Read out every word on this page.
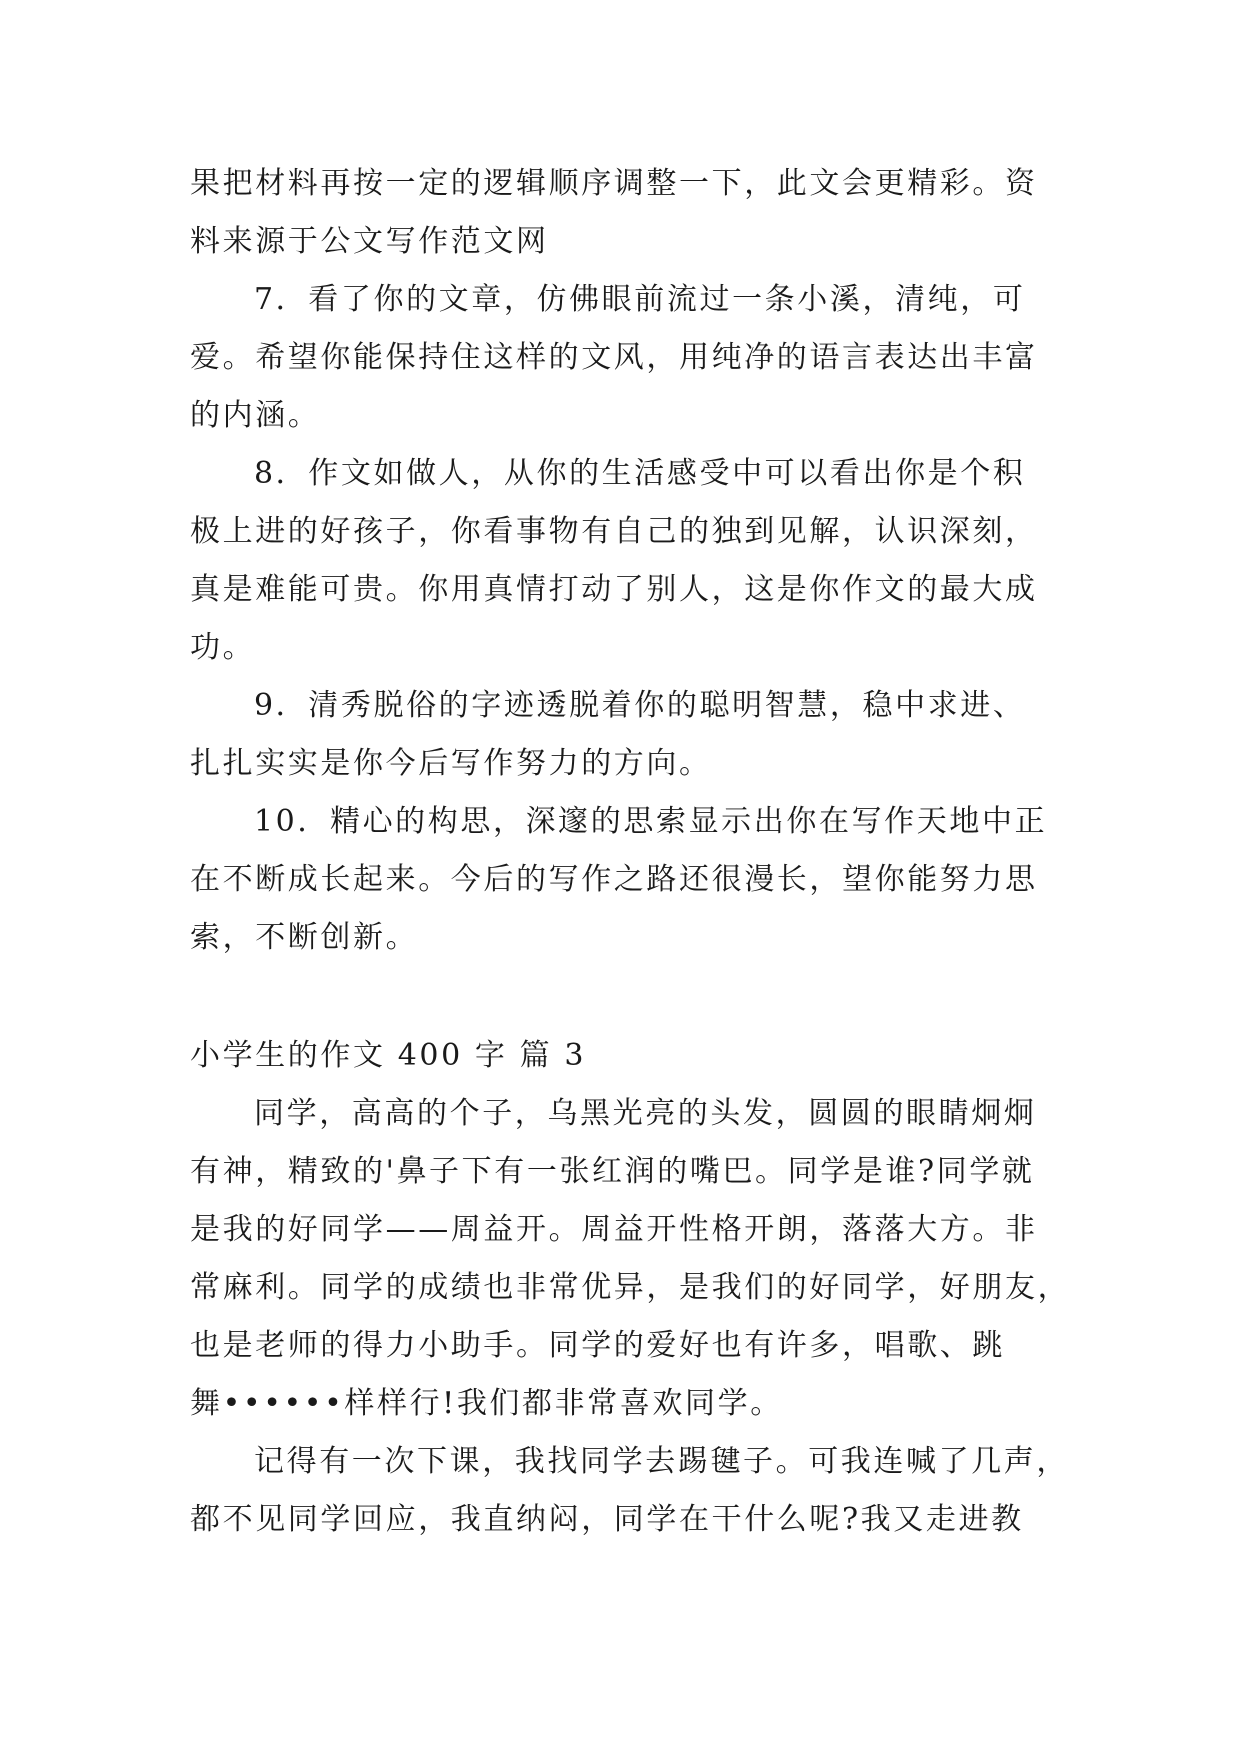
果把材料再按一定的逻辑顺序调整一下，此文会更精彩。资
料来源于公文写作范文网
7．看了你的文章，仿佛眼前流过一条小溪，清纯，可
爱。希望你能保持住这样的文风，用纯净的语言表达出丰富
的内涵。
8．作文如做人，从你的生活感受中可以看出你是个积
极上进的好孩子，你看事物有自己的独到见解，认识深刻，
真是难能可贵。你用真情打动了别人，这是你作文的最大成
功。
9．清秀脱俗的字迹透脱着你的聪明智慧，稳中求进、
扎扎实实是你今后写作努力的方向。
10．精心的构思，深邃的思索显示出你在写作天地中正
在不断成长起来。今后的写作之路还很漫长，望你能努力思
索，不断创新。
小学生的作文 400 字 篇 3
同学，高高的个子，乌黑光亮的头发，圆圆的眼睛炯炯
有神，精致的'鼻子下有一张红润的嘴巴。同学是谁?同学就
是我的好同学——周益开。周益开性格开朗，落落大方。非
常麻利。同学的成绩也非常优异，是我们的好同学，好朋友，
也是老师的得力小助手。同学的爱好也有许多，唱歌、跳
舞••••••样样行!我们都非常喜欢同学。
记得有一次下课，我找同学去踢毽子。可我连喊了几声，
都不见同学回应，我直纳闷，同学在干什么呢?我又走进教
